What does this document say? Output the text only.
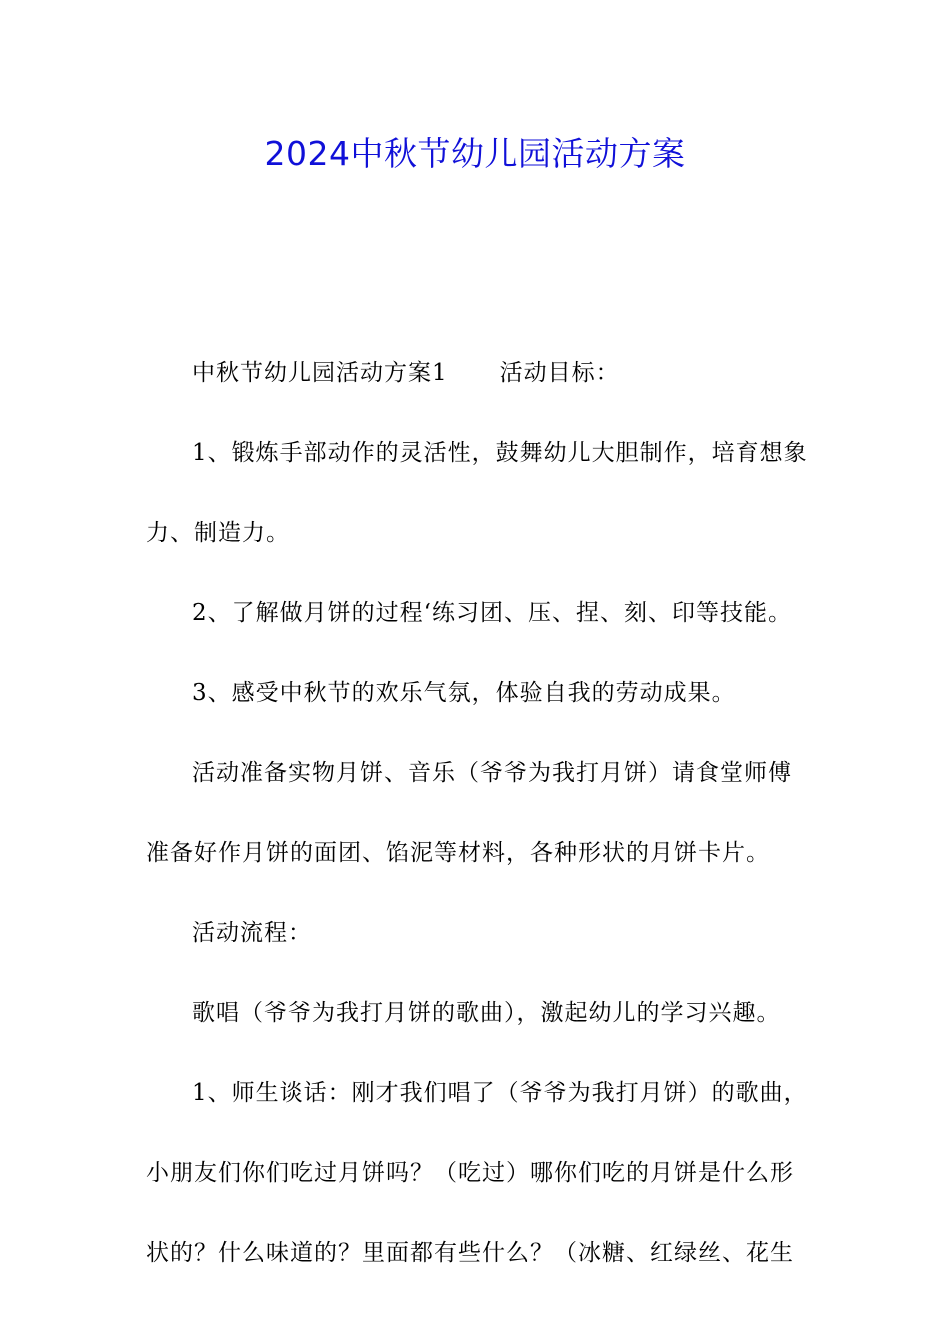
2024中秋节幼儿园活动方案

中秋节幼儿园活动方案1 活动目标：

1、锻炼手部动作的灵活性，鼓舞幼儿大胆制作，培育想象力、制造力。

2、了解做月饼的过程‘练习团、压、捏、刻、印等技能。

3、感受中秋节的欢乐气氛，体验自我的劳动成果。

活动准备实物月饼、音乐（爷爷为我打月饼）请食堂师傅准备好作月饼的面团、馅泥等材料，各种形状的月饼卡片。

活动流程：

歌唱（爷爷为我打月饼的歌曲），激起幼儿的学习兴趣。

1、师生谈话：刚才我们唱了（爷爷为我打月饼）的歌曲，小朋友们你们吃过月饼吗？（吃过）哪你们吃的月饼是什么形状的？什么味道的？里面都有些什么？（冰糖、红绿丝、花生
